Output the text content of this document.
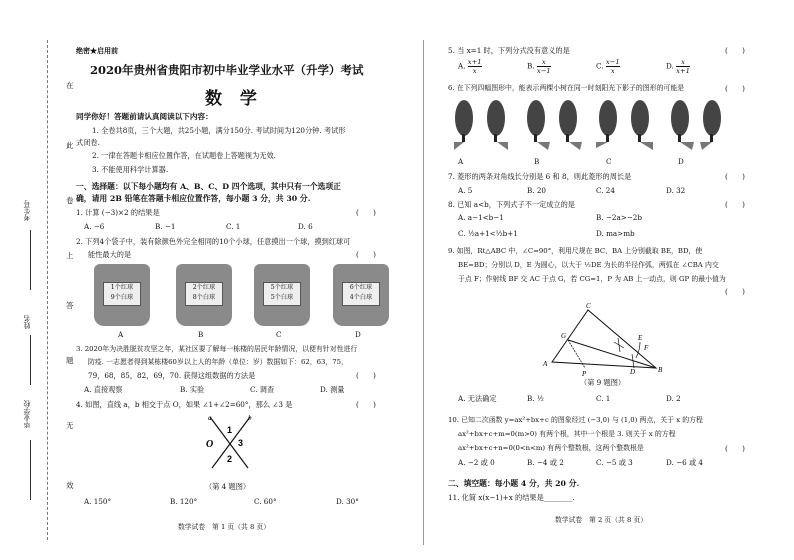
在
此
卷
上
答
题
无
效
考生号
姓名
毕业学校
绝密★启用前
2020年贵州省贵阳市初中毕业学业水平（升学）考试
数 学
同学你好！答题前请认真阅读以下内容：
1. 全卷共8页，三个大题，共25小题，满分150分. 考试时间为120分钟. 考试形
式闭卷.
2. 一律在答题卡相应位置作答，在试题卷上答题视为无效.
3. 不能使用科学计算器.
一、选择题：以下每小题均有 A、B、C、D 四个选项，其中只有一个选项正
确，请用 2B 铅笔在答题卡相应位置作答，每小题 3 分，共 30 分.
1. 计算 (−3)×2 的结果是	(　　)
A. −6	B. −1	C. 1	D. 6
2. 下列4个袋子中，装有除颜色外完全相同的10个小球，任意摸出一个球，摸到红球可
能性最大的是	(　　)
1个红球
9个白球
2个红球
8个白球
5个红球
5个白球
6个红球
4个白球
A	B	C	D
3. 2020年为决胜脱贫攻坚之年，某社区要了解每一栋楼的居民年龄情况，以便有针对性进行
防疫. 一志愿者得到某栋楼60岁以上人的年龄（单位：岁）数据如下：62，63，75，
79，68，85，82，69，70. 获得这组数据的方法是	(　　)
A. 直接观察	B. 实验	C. 调查	D. 测量
4. 如图，直线 a，b 相交于点 O，如果 ∠1+∠2=60°，那么 ∠3 是	(　　)
a	b
1
3
2
O
（第 4 题图）
A. 150°	B. 120°	C. 60°	D. 30°
数学试卷　第 1 页（共 8 页）
5. 当 x=1 时，下列分式没有意义的是	(　　)
A. $\frac{x+1}{x}$	B. $\frac{x}{x-1}$	C. $\frac{x-1}{x}$	D. $\frac{x}{x+1}$
6. 在下列四幅图形中，能表示两棵小树在同一时刻阳光下影子的图形的可能是	(　　)
A	B	C	D
7. 菱形的两条对角线长分别是 6 和 8，则此菱形的周长是	(　　)
A. 5	B. 20	C. 24	D. 32
8. 已知 a<b，下列式子不一定成立的是	(　　)
A. a−1<b−1	B. −2a>−2b
C. ½a+1<½b+1	D. ma>mb
9. 如图，Rt△ABC 中，∠C=90°，利用尺规在 BC，BA 上分别截取 BE，BD，使
BE=BD；分别以 D，E 为圆心，以大于 ½DE 为长的半径作弧，两弧在 ∠CBA 内交
于点 F；作射线 BF 交 AC 于点 G，若 CG=1，P 为 AB 上一动点，则 GP 的最小值为
(　　)
A
B
C
D
E
F
G
P
（第 9 题图）
A. 无法确定	B. ½	C. 1	D. 2
10. 已知二次函数 y=ax²+bx+c 的图象经过 (−3,0) 与 (1,0) 两点，关于 x 的方程
ax²+bx+c+m=0(m>0) 有两个根，其中一个根是 3. 则关于 x 的方程
ax²+bx+c+n=0(0<n<m) 有两个整数根，这两个整数根是	(　　)
A. −2 或 0	B. −4 或 2	C. −5 或 3	D. −6 或 4
二、填空题：每小题 4 分，共 20 分.
11. 化简 x(x−1)+x 的结果是________.
数学试卷　第 2 页（共 8 页）
